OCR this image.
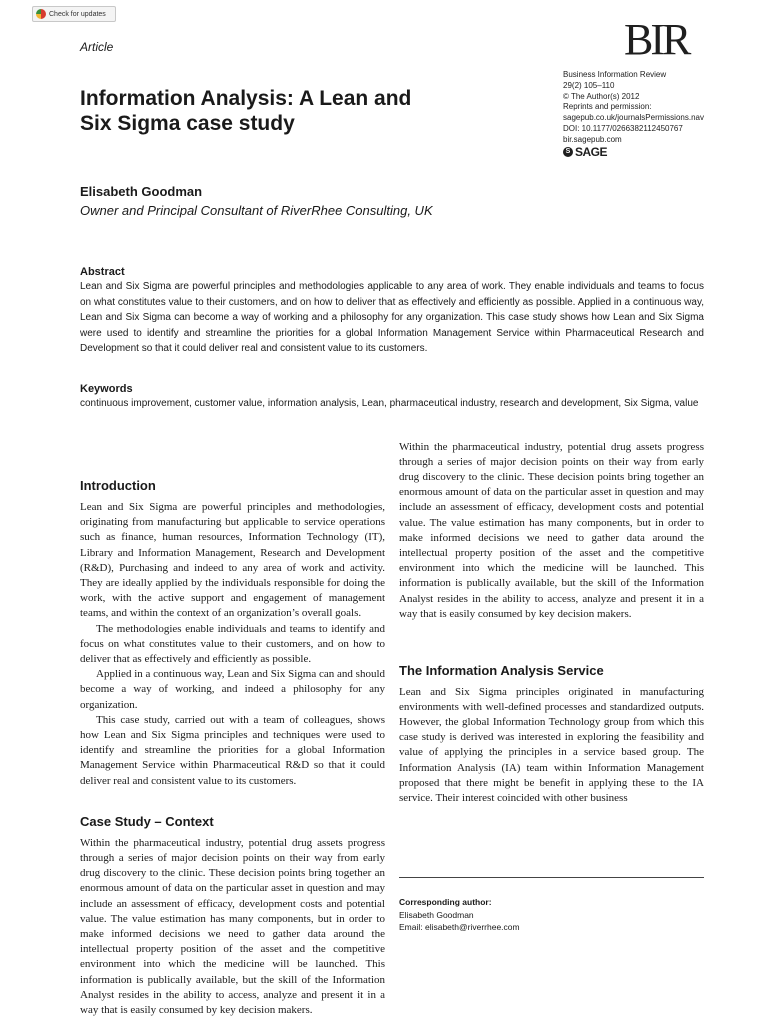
Check for updates
Article	BIR
Information Analysis: A Lean and Six Sigma case study
Business Information Review
29(2) 105–110
© The Author(s) 2012
Reprints and permission:
sagepub.co.uk/journalsPermissions.nav
DOI: 10.1177/0266382112450767
bir.sagepub.com
S SAGE
Elisabeth Goodman
Owner and Principal Consultant of RiverRhee Consulting, UK
Abstract

Lean and Six Sigma are powerful principles and methodologies applicable to any area of work. They enable individuals and teams to focus on what constitutes value to their customers, and on how to deliver that as effectively and efficiently as possible. Applied in a continuous way, Lean and Six Sigma can become a way of working and a philosophy for any organization. This case study shows how Lean and Six Sigma were used to identify and streamline the priorities for a global Information Management Service within Pharmaceutical Research and Development so that it could deliver real and consistent value to its customers.

Keywords

continuous improvement, customer value, information analysis, Lean, pharmaceutical industry, research and development, Six Sigma, value

Introduction

Lean and Six Sigma are powerful principles and methodologies, originating from manufacturing but applicable to service operations such as finance, human resources, Information Technology (IT), Library and Information Management, Research and Development (R&D), Purchasing and indeed to any area of work and activity. They are ideally applied by the individuals responsible for doing the work, with the active support and engagement of management teams, and within the context of an organization’s overall goals.

The methodologies enable individuals and teams to identify and focus on what constitutes value to their customers, and on how to deliver that as effectively and efficiently as possible.

Applied in a continuous way, Lean and Six Sigma can and should become a way of working, and indeed a philosophy for any organization.

This case study, carried out with a team of colleagues, shows how Lean and Six Sigma principles and techniques were used to identify and streamline the priorities for a global Information Management Service within Pharmaceutical R&D so that it could deliver real and consistent value to its customers.

Case Study – Context

Within the pharmaceutical industry, potential drug assets progress through a series of major decision points on their way from early drug discovery to the clinic. These decision points bring together an enormous amount of data on the particular asset in question and may include an assessment of efficacy, development costs and potential value. The value estimation has many components, but in order to make informed decisions we need to gather data around the intellectual property position of the asset and the competitive environment into which the medicine will be launched. This information is publically available, but the skill of the Information Analyst resides in the ability to access, analyze and present it in a way that is easily consumed by key decision makers.

Within the pharmaceutical industry, potential drug assets progress through a series of major decision points on their way from early drug discovery to the clinic. These decision points bring together an enormous amount of data on the particular asset in question and may include an assessment of efficacy, development costs and potential value. The value estimation has many components, but in order to make informed decisions we need to gather data around the intellectual property position of the asset and the competitive environment into which the medicine will be launched. This information is publically available, but the skill of the Information Analyst resides in the ability to access, analyze and present it in a way that is easily consumed by key decision makers.

The Information Analysis Service

Lean and Six Sigma principles originated in manufacturing environments with well-defined processes and standardized outputs. However, the global Information Technology group from which this case study is derived was interested in exploring the feasibility and value of applying the principles in a service based group. The Information Analysis (IA) team within Information Management proposed that there might be benefit in applying these to the IA service. Their interest coincided with other business

Corresponding author:
Elisabeth Goodman
Email: elisabeth@riverrhee.com
